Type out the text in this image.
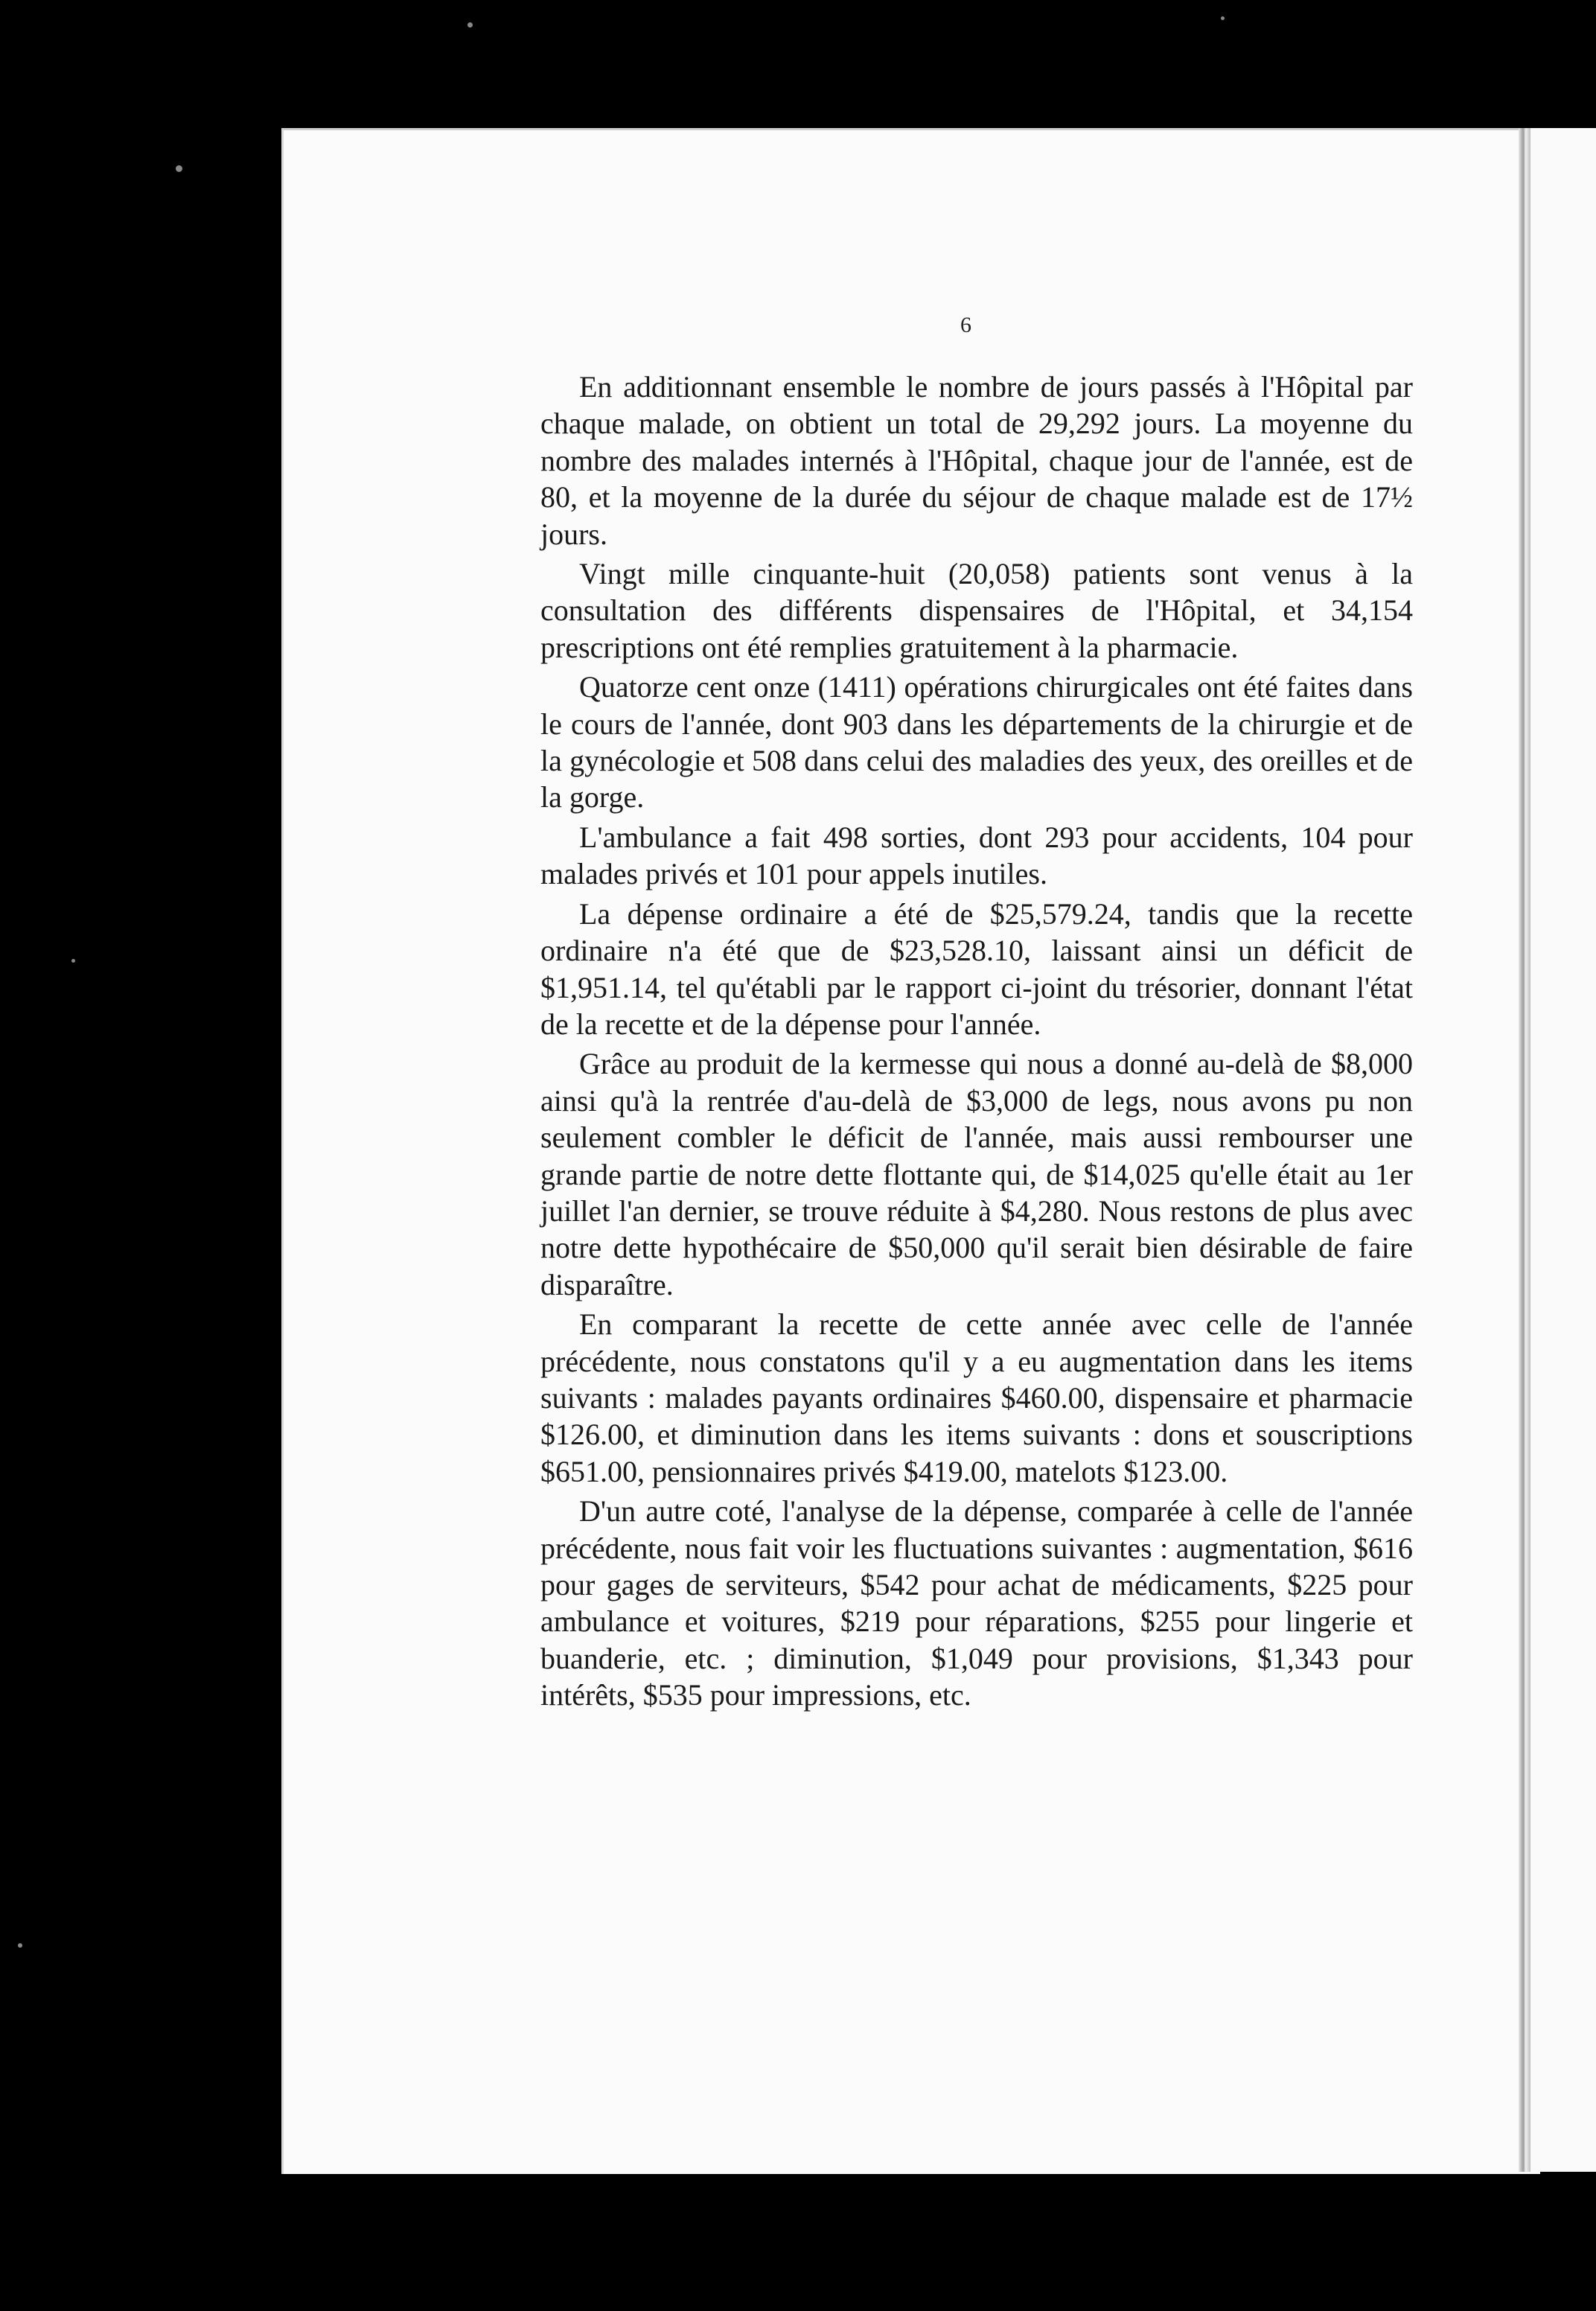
6

En additionnant ensemble le nombre de jours passés à l'Hôpital par chaque malade, on obtient un total de 29,292 jours. La moyenne du nombre des malades internés à l'Hôpital, chaque jour de l'année, est de 80, et la moyenne de la durée du séjour de chaque malade est de 17½ jours.

Vingt mille cinquante-huit (20,058) patients sont venus à la consultation des différents dispensaires de l'Hôpital, et 34,154 prescriptions ont été remplies gratuitement à la pharmacie.

Quatorze cent onze (1411) opérations chirurgicales ont été faites dans le cours de l'année, dont 903 dans les départements de la chirurgie et de la gynécologie et 508 dans celui des maladies des yeux, des oreilles et de la gorge.

L'ambulance a fait 498 sorties, dont 293 pour accidents, 104 pour malades privés et 101 pour appels inutiles.

La dépense ordinaire a été de $25,579.24, tandis que la recette ordinaire n'a été que de $23,528.10, laissant ainsi un déficit de $1,951.14, tel qu'établi par le rapport ci-joint du trésorier, donnant l'état de la recette et de la dépense pour l'année.

Grâce au produit de la kermesse qui nous a donné au-delà de $8,000 ainsi qu'à la rentrée d'au-delà de $3,000 de legs, nous avons pu non seulement combler le déficit de l'année, mais aussi rembourser une grande partie de notre dette flottante qui, de $14,025 qu'elle était au 1er juillet l'an dernier, se trouve réduite à $4,280. Nous restons de plus avec notre dette hypothécaire de $50,000 qu'il serait bien désirable de faire disparaître.

En comparant la recette de cette année avec celle de l'année précédente, nous constatons qu'il y a eu augmentation dans les items suivants : malades payants ordinaires $460.00, dispensaire et pharmacie $126.00, et diminution dans les items suivants : dons et souscriptions $651.00, pensionnaires privés $419.00, matelots $123.00.

D'un autre coté, l'analyse de la dépense, comparée à celle de l'année précédente, nous fait voir les fluctuations suivantes : augmentation, $616 pour gages de serviteurs, $542 pour achat de médicaments, $225 pour ambulance et voitures, $219 pour réparations, $255 pour lingerie et buanderie, etc. ; diminution, $1,049 pour provisions, $1,343 pour intérêts, $535 pour impressions, etc.
